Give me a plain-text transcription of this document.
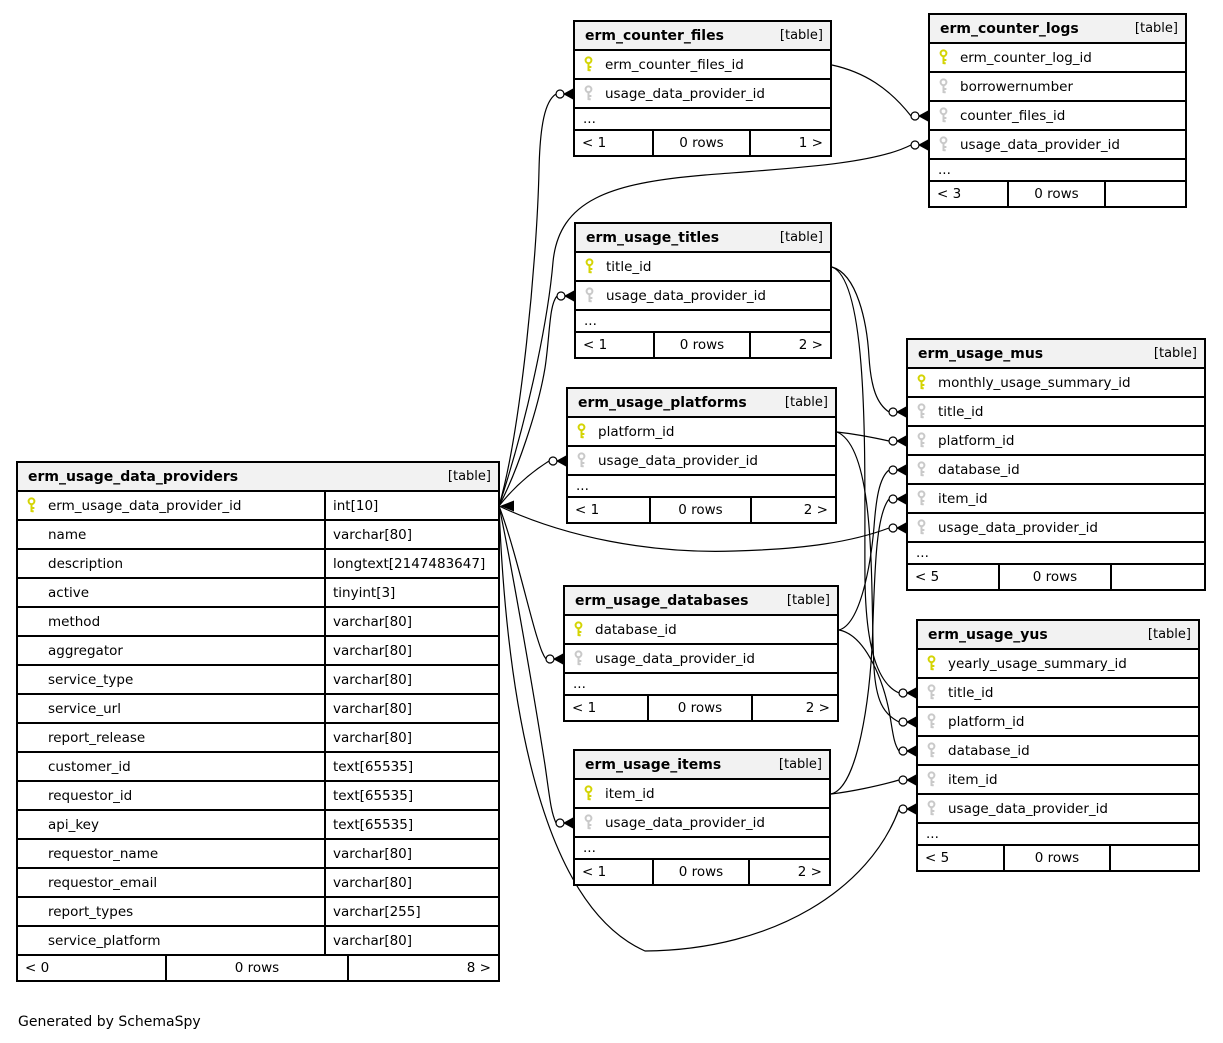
erm_counter_files	[table]
erm_counter_files_id
usage_data_provider_id
...
< 1	0 rows	1 >
erm_counter_logs	[table]
erm_counter_log_id
borrowernumber
counter_files_id
usage_data_provider_id
...
< 3	0 rows
erm_usage_titles	[table]
title_id
usage_data_provider_id
...
< 1	0 rows	2 >
erm_usage_platforms	[table]
platform_id
usage_data_provider_id
...
< 1	0 rows	2 >
erm_usage_mus	[table]
monthly_usage_summary_id
title_id
platform_id
database_id
item_id
usage_data_provider_id
...
< 5	0 rows
erm_usage_databases	[table]
database_id
usage_data_provider_id
...
< 1	0 rows	2 >
erm_usage_yus	[table]
yearly_usage_summary_id
title_id
platform_id
database_id
item_id
usage_data_provider_id
...
< 5	0 rows
erm_usage_items	[table]
item_id
usage_data_provider_id
...
< 1	0 rows	2 >
erm_usage_data_providers	[table]
erm_usage_data_provider_id	int[10]
name	varchar[80]
description	longtext[2147483647]
active	tinyint[3]
method	varchar[80]
aggregator	varchar[80]
service_type	varchar[80]
service_url	varchar[80]
report_release	varchar[80]
customer_id	text[65535]
requestor_id	text[65535]
api_key	text[65535]
requestor_name	varchar[80]
requestor_email	varchar[80]
report_types	varchar[255]
service_platform	varchar[80]
< 0	0 rows	8 >
Generated by SchemaSpy
